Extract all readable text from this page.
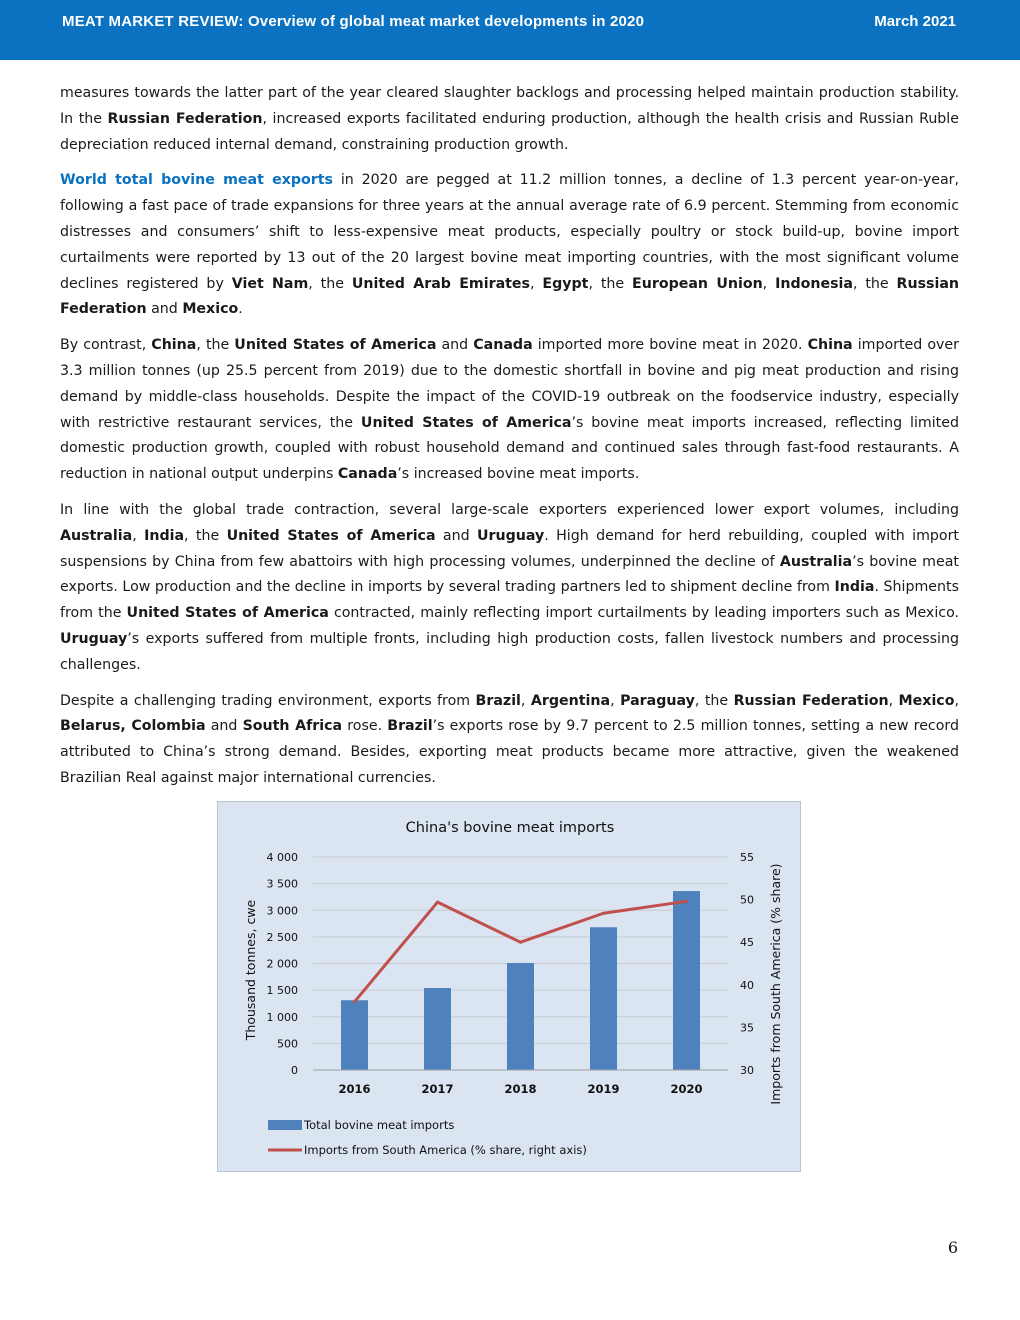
MEAT MARKET REVIEW: Overview of global meat market developments in 2020	March 2021

measures towards the latter part of the year cleared slaughter backlogs and processing helped maintain production stability. In the Russian Federation, increased exports facilitated enduring production, although the health crisis and Russian Ruble depreciation reduced internal demand, constraining production growth.

World total bovine meat exports in 2020 are pegged at 11.2 million tonnes, a decline of 1.3 percent year-on-year, following a fast pace of trade expansions for three years at the annual average rate of 6.9 percent. Stemming from economic distresses and consumers’ shift to less-expensive meat products, especially poultry or stock build-up, bovine import curtailments were reported by 13 out of the 20 largest bovine meat importing countries, with the most significant volume declines registered by Viet Nam, the United Arab Emirates, Egypt, the European Union, Indonesia, the Russian Federation and Mexico.

By contrast, China, the United States of America and Canada imported more bovine meat in 2020. China imported over 3.3 million tonnes (up 25.5 percent from 2019) due to the domestic shortfall in bovine and pig meat production and rising demand by middle-class households. Despite the impact of the COVID-19 outbreak on the foodservice industry, especially with restrictive restaurant services, the United States of America’s bovine meat imports increased, reflecting limited domestic production growth, coupled with robust household demand and continued sales through fast-food restaurants. A reduction in national output underpins Canada’s increased bovine meat imports.

In line with the global trade contraction, several large-scale exporters experienced lower export volumes, including Australia, India, the United States of America and Uruguay. High demand for herd rebuilding, coupled with import suspensions by China from few abattoirs with high processing volumes, underpinned the decline of Australia’s bovine meat exports. Low production and the decline in imports by several trading partners led to shipment decline from India. Shipments from the United States of America contracted, mainly reflecting import curtailments by leading importers such as Mexico. Uruguay’s exports suffered from multiple fronts, including high production costs, fallen livestock numbers and processing challenges.

Despite a challenging trading environment, exports from Brazil, Argentina, Paraguay, the Russian Federation, Mexico, Belarus, Colombia and South Africa rose. Brazil’s exports rose by 9.7 percent to 2.5 million tonnes, setting a new record attributed to China’s strong demand. Besides, exporting meat products became more attractive, given the weakened Brazilian Real against major international currencies.

China's bovine meat imports
Thousand tonnes, cwe	Imports from South America (% share)
0
500
1 000
1 500
2 000
2 500
3 000
3 500
4 000
30
35
40
45
50
55
2016	2017	2018	2019	2020
Total bovine meat imports
Imports from South America (% share, right axis)
6
